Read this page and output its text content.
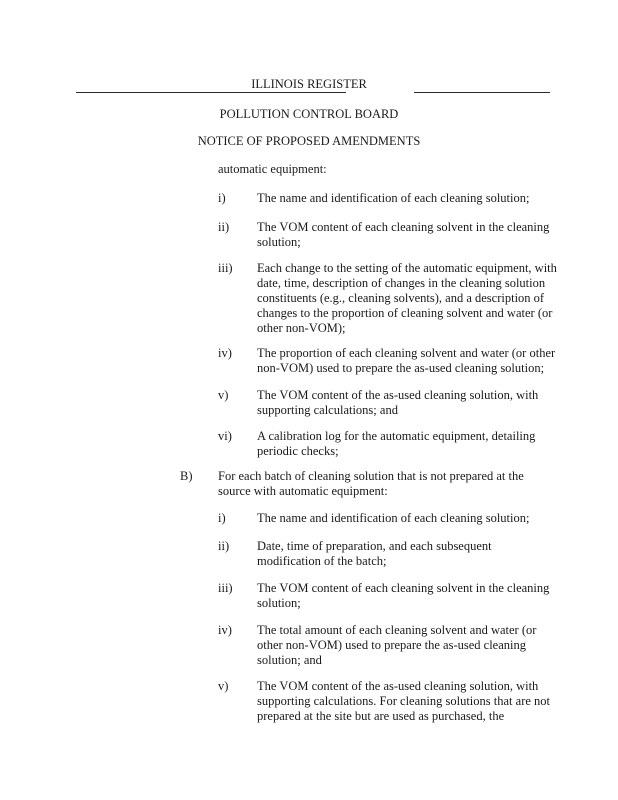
ILLINOIS REGISTER
POLLUTION CONTROL BOARD
NOTICE OF PROPOSED AMENDMENTS
automatic equipment:
i)	The name and identification of each cleaning solution;
ii) The VOM content of each cleaning solvent in the cleaning
solution;
iii) Each change to the setting of the automatic equipment, with
date, time, description of changes in the cleaning solution
constituents (e.g., cleaning solvents), and a description of
changes to the proportion of cleaning solvent and water (or
other non-VOM);
iv) The proportion of each cleaning solvent and water (or other
non-VOM) used to prepare the as-used cleaning solution;
v) The VOM content of the as-used cleaning solution, with
supporting calculations; and
vi) A calibration log for the automatic equipment, detailing
periodic checks;
B) For each batch of cleaning solution that is not prepared at the
source with automatic equipment:
i)	The name and identification of each cleaning solution;
ii) Date, time of preparation, and each subsequent
modification of the batch;
iii) The VOM content of each cleaning solvent in the cleaning
solution;
iv) The total amount of each cleaning solvent and water (or
other non-VOM) used to prepare the as-used cleaning
solution; and
v) The VOM content of the as-used cleaning solution, with
supporting calculations. For cleaning solutions that are not
prepared at the site but are used as purchased, the
